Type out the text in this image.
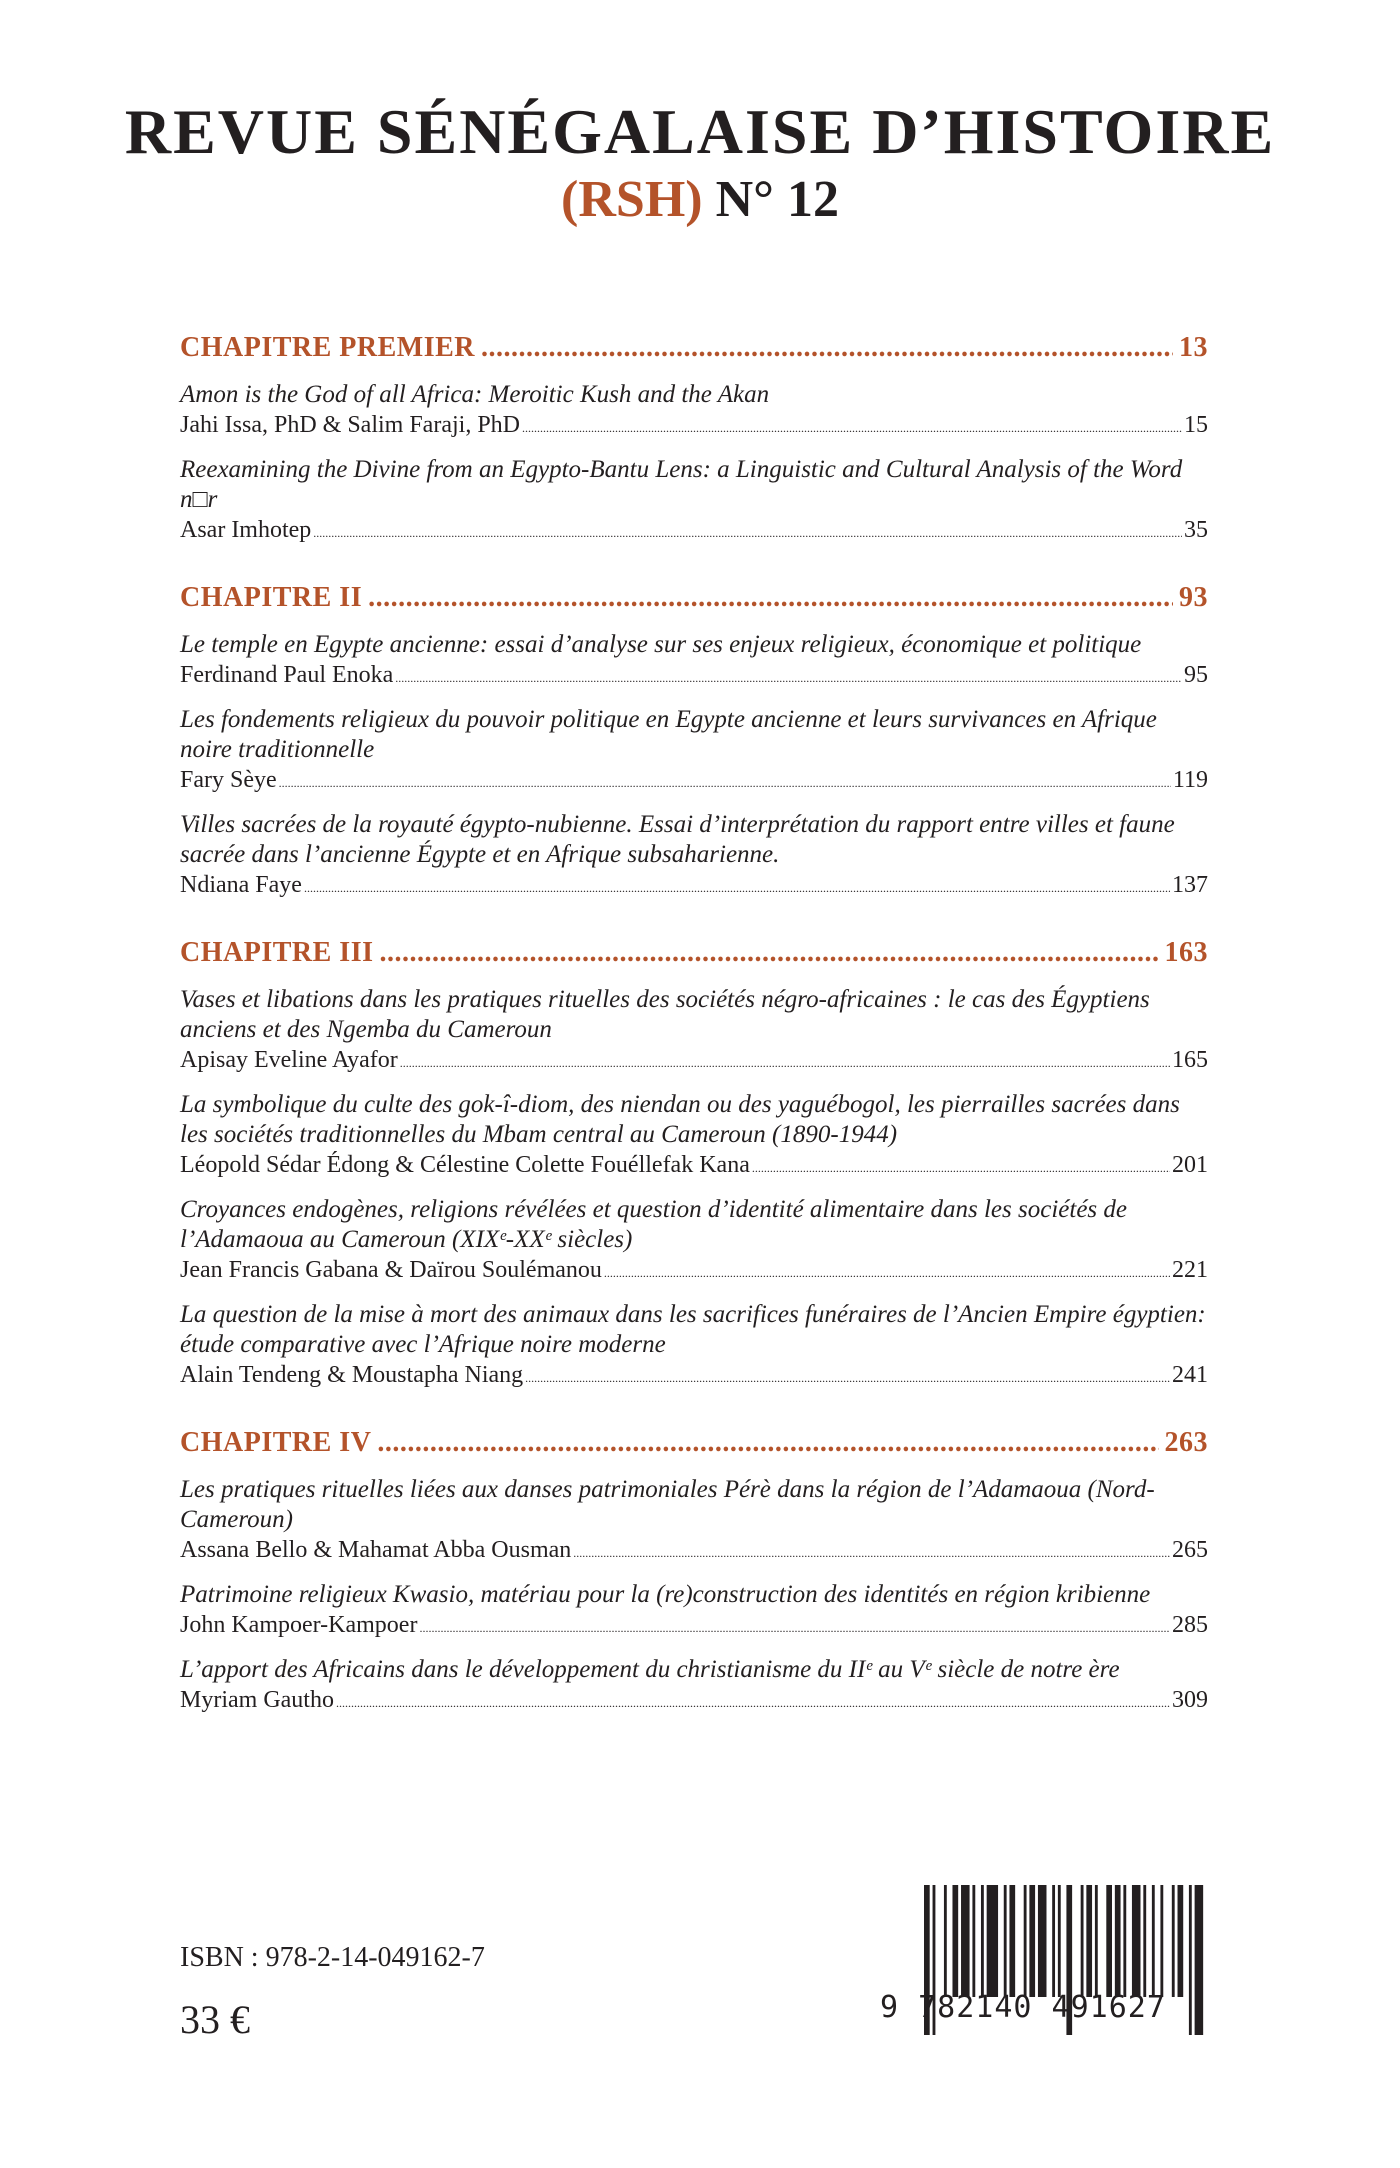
REVUE SÉNÉGALAISE D’HISTOIRE
(RSH) N° 12
CHAPITRE PREMIER .....	13
Amon is the God of all Africa: Meroitic Kush and the Akan
Jahi Issa, PhD & Salim Faraji, PhD .....	15
Reexamining the Divine from an Egypto-Bantu Lens: a Linguistic and Cultural Analysis of the Word n□r
Asar Imhotep .....	35
CHAPITRE II .....	93
Le temple en Egypte ancienne: essai d’analyse sur ses enjeux religieux, économique et politique
Ferdinand Paul Enoka .....	95
Les fondements religieux du pouvoir politique en Egypte ancienne et leurs survivances en Afrique noire traditionnelle
Fary Sèye .....	119
Villes sacrées de la royauté égypto-nubienne. Essai d’interprétation du rapport entre villes et faune sacrée dans l’ancienne Égypte et en Afrique subsaharienne.
Ndiana Faye .....	137
CHAPITRE III .....	163
Vases et libations dans les pratiques rituelles des sociétés négro-africaines : le cas des Égyptiens anciens et des Ngemba du Cameroun
Apisay Eveline Ayafor .....	165
La symbolique du culte des gok-î-diom, des niendan ou des yaguébogol, les pierrailles sacrées dans les sociétés traditionnelles du Mbam central au Cameroun (1890-1944)
Léopold Sédar Édong & Célestine Colette Fouéllefak Kana .....	201
Croyances endogènes, religions révélées et question d’identité alimentaire dans les sociétés de l’Adamaoua au Cameroun (XIXᵉ-XXᵉ siècles)
Jean Francis Gabana & Daïrou Soulémanou .....	221
La question de la mise à mort des animaux dans les sacrifices funéraires de l’Ancien Empire égyptien: étude comparative avec l’Afrique noire moderne
Alain Tendeng & Moustapha Niang .....	241
CHAPITRE IV .....	263
Les pratiques rituelles liées aux danses patrimoniales Pérè dans la région de l’Adamaoua (Nord-Cameroun)
Assana Bello & Mahamat Abba Ousman .....	265
Patrimoine religieux Kwasio, matériau pour la (re)construction des identités en région kribienne
John Kampoer-Kampoer .....	285
L’apport des Africains dans le développement du christianisme du IIᵉ au Vᵉ siècle de notre ère
Myriam Gautho .....	309
ISBN : 978-2-14-049162-7
33 €	9 782140 491627
